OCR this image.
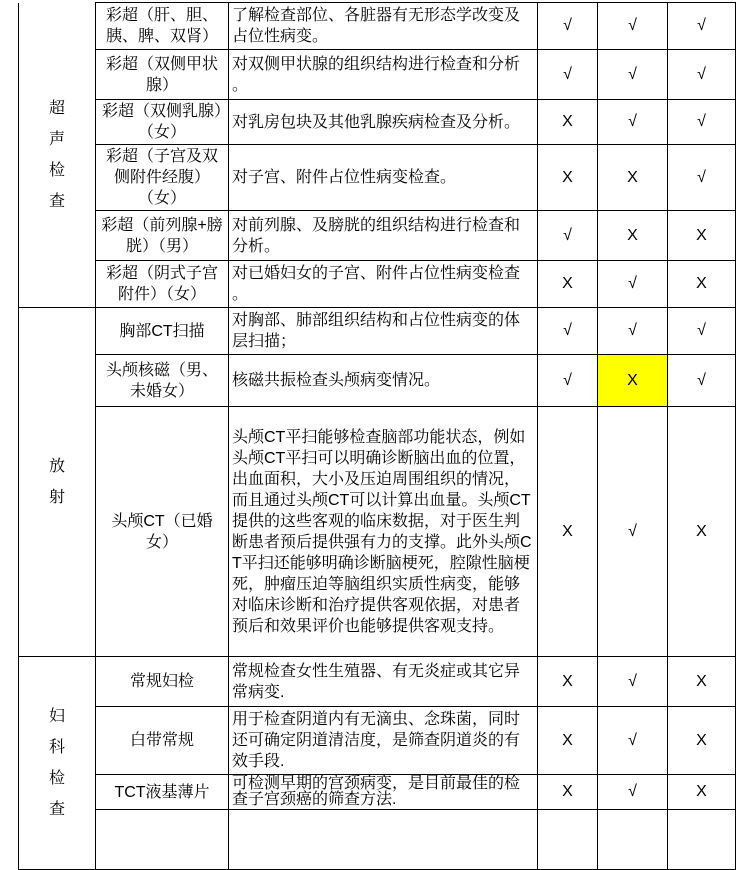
超声检查	彩超（肝、胆、胰、脾、双肾）	了解检查部位、各脏器有无形态学改变及占位性病变。	√	√	√
	彩超（双侧甲状腺）	对双侧甲状腺的组织结构进行检查和分析。	√	√	√
	彩超（双侧乳腺）（女）	对乳房包块及其他乳腺疾病检查及分析。	X	√	√
	彩超（子宫及双侧附件经腹）（女）	对子宫、附件占位性病变检查。	X	X	√
	彩超（前列腺+膀胱）（男）	对前列腺、及膀胱的组织结构进行检查和分析。	√	X	X
	彩超（阴式子宫附件）（女）	对已婚妇女的子宫、附件占位性病变检查。	X	√	X

放射	胸部CT扫描	对胸部、肺部组织结构和占位性病变的体层扫描；	√	√	√
	头颅核磁（男、未婚女）	核磁共振检查头颅病变情况。	√	X	√
	头颅CT（已婚女）	头颅CT平扫能够检查脑部功能状态，例如头颅CT平扫可以明确诊断脑出血的位置，出血面积，大小及压迫周围组织的情况，而且通过头颅CT可以计算出血量。头颅CT提供的这些客观的临床数据，对于医生判断患者预后提供强有力的支撑。此外头颅CT平扫还能够明确诊断脑梗死，腔隙性脑梗死，肿瘤压迫等脑组织实质性病变，能够对临床诊断和治疗提供客观依据，对患者预后和效果评价也能够提供客观支持。	X	√	X

妇科检查	常规妇检	常规检查女性生殖器、有无炎症或其它异常病变.	X	√	X
	白带常规	用于检查阴道内有无滴虫、念珠菌，同时还可确定阴道清洁度，是筛查阴道炎的有效手段.	X	√	X
	TCT液基薄片	可检测早期的宫颈病变，是目前最佳的检查子宫颈癌的筛查方法.	X	√	X
